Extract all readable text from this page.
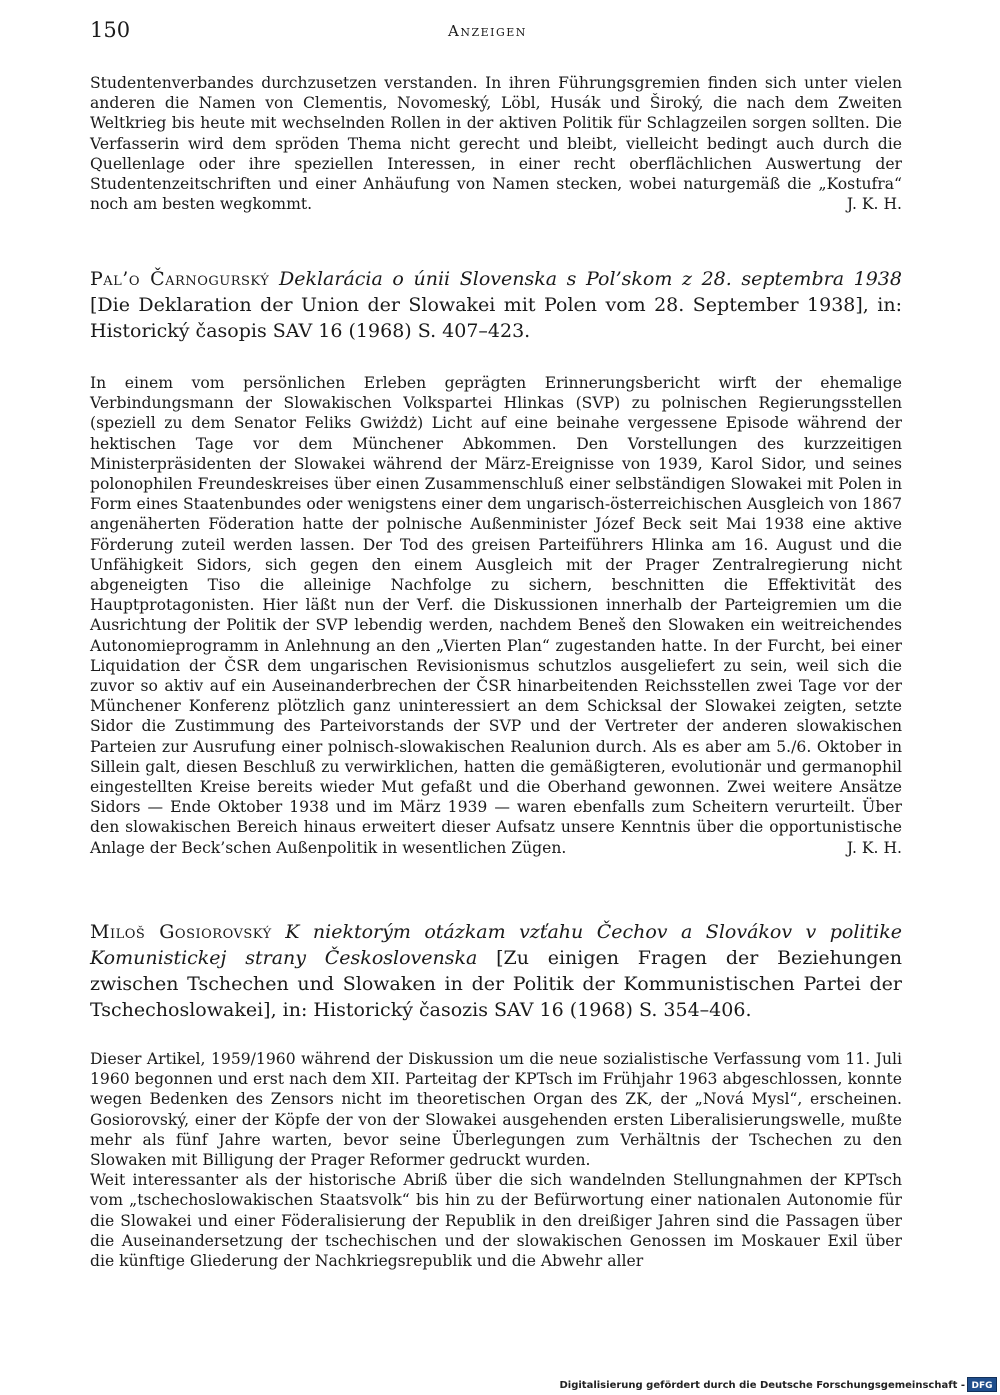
150	Anzeigen

Studentenverbandes durchzusetzen verstanden. In ihren Führungsgremien finden sich unter vielen anderen die Namen von Clementis, Novomeský, Löbl, Husák und Široký, die nach dem Zweiten Weltkrieg bis heute mit wechselnden Rollen in der aktiven Politik für Schlagzeilen sorgen sollten. Die Verfasserin wird dem spröden Thema nicht gerecht und bleibt, vielleicht bedingt auch durch die Quellenlage oder ihre speziellen Interessen, in einer recht oberflächlichen Auswertung der Studentenzeitschriften und einer Anhäufung von Namen stecken, wobei naturgemäß die „Kostufra“ noch am besten wegkommt.	J. K. H.

Pal’o Čarnogurský Deklarácia o únii Slovenska s Pol’skom z 28. septembra 1938 [Die Deklaration der Union der Slowakei mit Polen vom 28. September 1938], in: Historický časopis SAV 16 (1968) S. 407–423.

In einem vom persönlichen Erleben geprägten Erinnerungsbericht wirft der ehemalige Verbindungsmann der Slowakischen Volkspartei Hlinkas (SVP) zu polnischen Regierungsstellen (speziell zu dem Senator Feliks Gwiżdż) Licht auf eine beinahe vergessene Episode während der hektischen Tage vor dem Münchener Abkommen. Den Vorstellungen des kurzzeitigen Ministerpräsidenten der Slowakei während der März-Ereignisse von 1939, Karol Sidor, und seines polonophilen Freundeskreises über einen Zusammenschluß einer selbständigen Slowakei mit Polen in Form eines Staatenbundes oder wenigstens einer dem ungarisch-österreichischen Ausgleich von 1867 angenäherten Föderation hatte der polnische Außenminister Józef Beck seit Mai 1938 eine aktive Förderung zuteil werden lassen. Der Tod des greisen Parteiführers Hlinka am 16. August und die Unfähigkeit Sidors, sich gegen den einem Ausgleich mit der Prager Zentralregierung nicht abgeneigten Tiso die alleinige Nachfolge zu sichern, beschnitten die Effektivität des Hauptprotagonisten. Hier läßt nun der Verf. die Diskussionen innerhalb der Parteigremien um die Ausrichtung der Politik der SVP lebendig werden, nachdem Beneš den Slowaken ein weitreichendes Autonomieprogramm in Anlehnung an den „Vierten Plan“ zugestanden hatte. In der Furcht, bei einer Liquidation der ČSR dem ungarischen Revisionismus schutzlos ausgeliefert zu sein, weil sich die zuvor so aktiv auf ein Auseinanderbrechen der ČSR hinarbeitenden Reichsstellen zwei Tage vor der Münchener Konferenz plötzlich ganz uninteressiert an dem Schicksal der Slowakei zeigten, setzte Sidor die Zustimmung des Parteivorstands der SVP und der Vertreter der anderen slowakischen Parteien zur Ausrufung einer polnisch-slowakischen Realunion durch. Als es aber am 5./6. Oktober in Sillein galt, diesen Beschluß zu verwirklichen, hatten die gemäßigteren, evolutionär und germanophil eingestellten Kreise bereits wieder Mut gefaßt und die Oberhand gewonnen. Zwei weitere Ansätze Sidors — Ende Oktober 1938 und im März 1939 — waren ebenfalls zum Scheitern verurteilt. Über den slowakischen Bereich hinaus erweitert dieser Aufsatz unsere Kenntnis über die opportunistische Anlage der Beck’schen Außenpolitik in wesentlichen Zügen.	J. K. H.

Miloš Gosiorovský K niektorým otázkam vzťahu Čechov a Slovákov v politike Komunistickej strany Československa [Zu einigen Fragen der Beziehungen zwischen Tschechen und Slowaken in der Politik der Kommunistischen Partei der Tschechoslowakei], in: Historický časozis SAV 16 (1968) S. 354–406.

Dieser Artikel, 1959/1960 während der Diskussion um die neue sozialistische Verfassung vom 11. Juli 1960 begonnen und erst nach dem XII. Parteitag der KPTsch im Frühjahr 1963 abgeschlossen, konnte wegen Bedenken des Zensors nicht im theoretischen Organ des ZK, der „Nová Mysl“, erscheinen. Gosiorovský, einer der Köpfe der von der Slowakei ausgehenden ersten Liberalisierungswelle, mußte mehr als fünf Jahre warten, bevor seine Überlegungen zum Verhältnis der Tschechen zu den Slowaken mit Billigung der Prager Reformer gedruckt wurden.

Weit interessanter als der historische Abriß über die sich wandelnden Stellungnahmen der KPTsch vom „tschechoslowakischen Staatsvolk“ bis hin zu der Befürwortung einer nationalen Autonomie für die Slowakei und einer Föderalisierung der Republik in den dreißiger Jahren sind die Passagen über die Auseinandersetzung der tschechischen und der slowakischen Genossen im Moskauer Exil über die künftige Gliederung der Nachkriegsrepublik und die Abwehr aller

Digitalisierung gefördert durch die Deutsche Forschungsgemeinschaft - DFG
